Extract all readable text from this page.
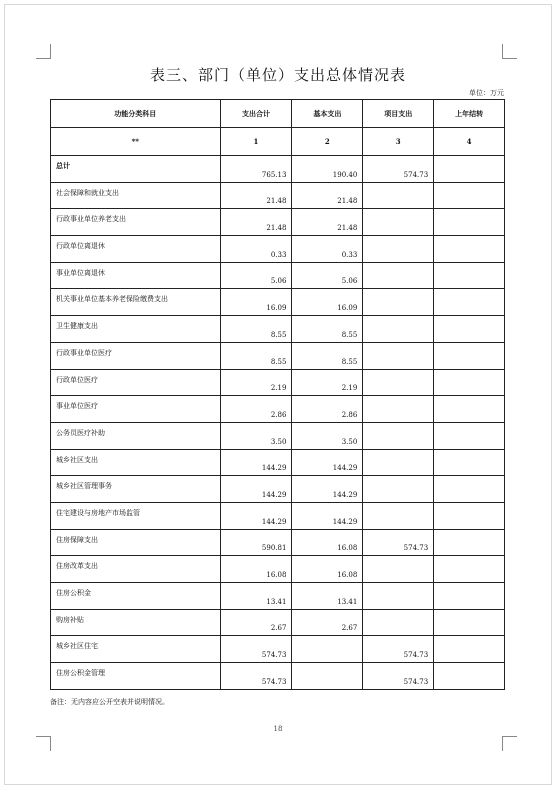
表三、部门（单位）支出总体情况表
单位：万元
功能分类科目	支出合计	基本支出	项目支出	上年结转
**	1	2	3	4
总计	765.13	190.40	574.73	
社会保障和就业支出	21.48	21.48		
行政事业单位养老支出	21.48	21.48		
行政单位离退休	0.33	0.33		
事业单位离退休	5.06	5.06		
机关事业单位基本养老保险缴费支出	16.09	16.09		
卫生健康支出	8.55	8.55		
行政事业单位医疗	8.55	8.55		
行政单位医疗	2.19	2.19		
事业单位医疗	2.86	2.86		
公务员医疗补助	3.50	3.50		
城乡社区支出	144.29	144.29		
城乡社区管理事务	144.29	144.29		
住宅建设与房地产市场监管	144.29	144.29		
住房保障支出	590.81	16.08	574.73	
住房改革支出	16.08	16.08		
住房公积金	13.41	13.41		
购房补贴	2.67	2.67		
城乡社区住宅	574.73		574.73	
住房公积金管理	574.73		574.73	
备注：无内容应公开空表并说明情况。
18
